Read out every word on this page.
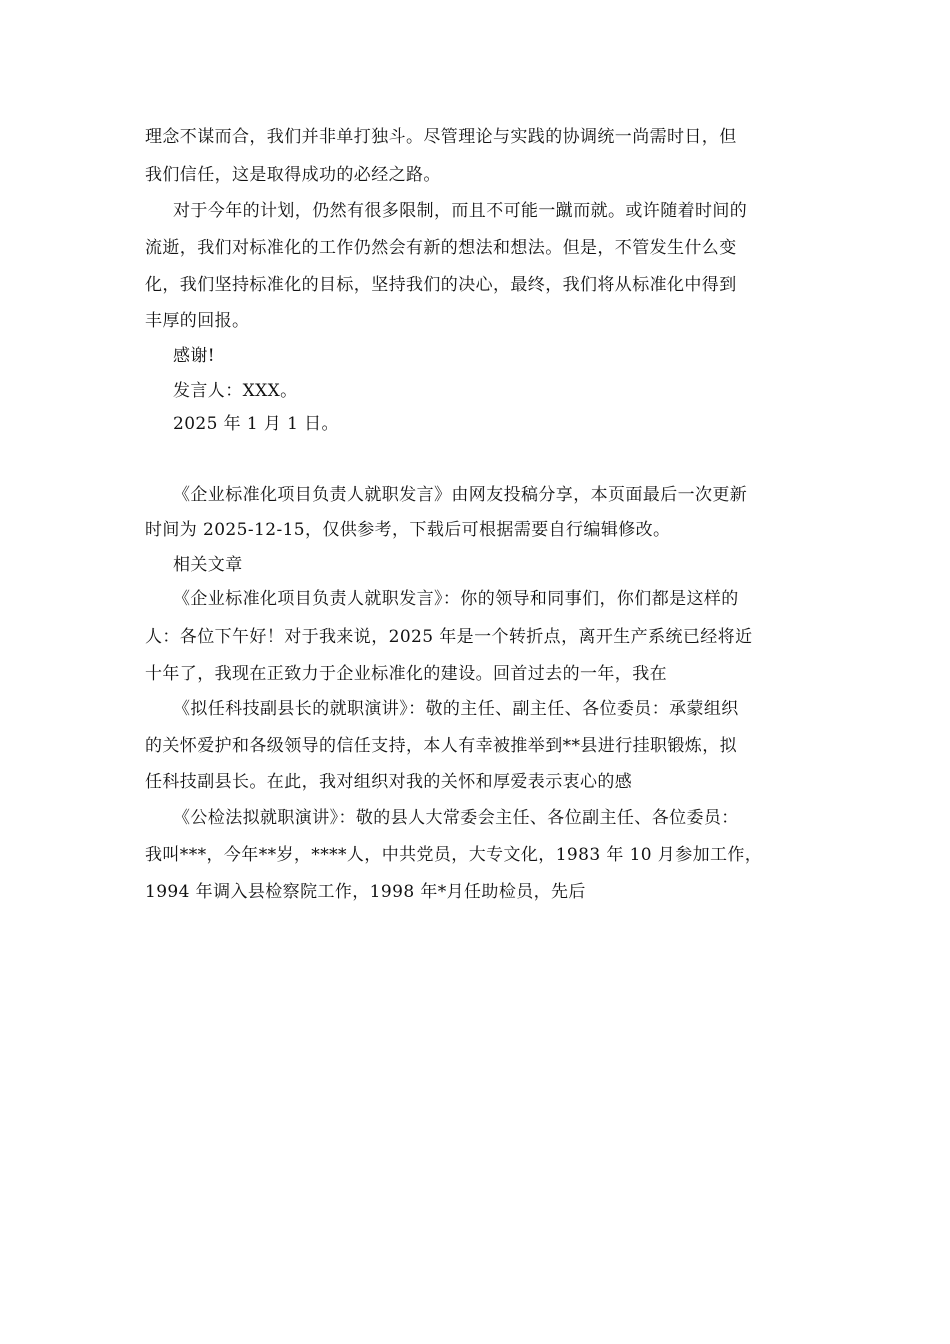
理念不谋而合，我们并非单打独斗。尽管理论与实践的协调统一尚需时日，但
我们信任，这是取得成功的必经之路。
对于今年的计划，仍然有很多限制，而且不可能一蹴而就。或许随着时间的
流逝，我们对标准化的工作仍然会有新的想法和想法。但是，不管发生什么变
化，我们坚持标准化的目标，坚持我们的决心，最终，我们将从标准化中得到
丰厚的回报。
感谢!
发言人：XXX。
2025 年 1 月 1 日。
《企业标准化项目负责人就职发言》由网友投稿分享，本页面最后一次更新
时间为 2025-12-15，仅供参考，下载后可根据需要自行编辑修改。
相关文章
《企业标准化项目负责人就职发言》：你的领导和同事们，你们都是这样的
人：各位下午好！对于我来说，2025 年是一个转折点，离开生产系统已经将近
十年了，我现在正致力于企业标准化的建设。回首过去的一年，我在
《拟任科技副县长的就职演讲》：敬的主任、副主任、各位委员：承蒙组织
的关怀爱护和各级领导的信任支持，本人有幸被推举到**县进行挂职锻炼，拟
任科技副县长。在此，我对组织对我的关怀和厚爱表示衷心的感
《公检法拟就职演讲》：敬的县人大常委会主任、各位副主任、各位委员：
我叫***，今年**岁，****人，中共党员，大专文化，1983 年 10 月参加工作，
1994 年调入县检察院工作，1998 年*月任助检员，先后
